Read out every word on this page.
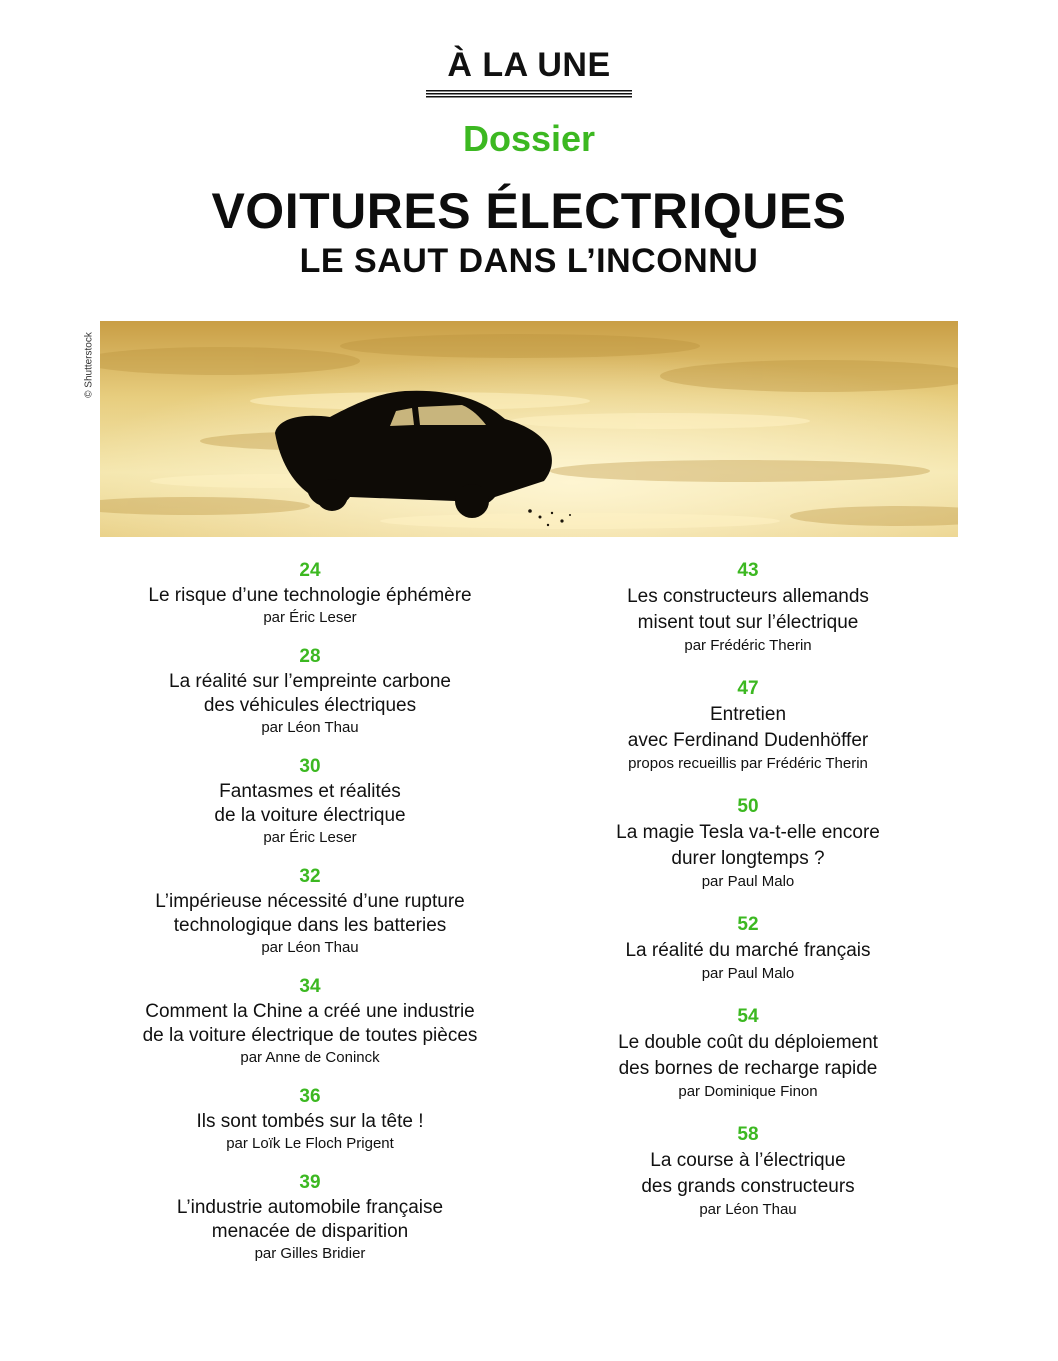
À LA UNE
Dossier
VOITURES ÉLECTRIQUES
LE SAUT DANS L’INCONNU
© Shutterstock
24
Le risque d’une technologie éphémère
par Éric Leser
28
La réalité sur l’empreinte carbone
des véhicules électriques
par Léon Thau
30
Fantasmes et réalités
de la voiture électrique
par Éric Leser
32
L’impérieuse nécessité d’une rupture
technologique dans les batteries
par Léon Thau
34
Comment la Chine a créé une industrie
de la voiture électrique de toutes pièces
par Anne de Coninck
36
Ils sont tombés sur la tête !
par Loïk Le Floch Prigent
39
L’industrie automobile française
menacée de disparition
par Gilles Bridier
43
Les constructeurs allemands
misent tout sur l’électrique
par Frédéric Therin
47
Entretien
avec Ferdinand Dudenhöffer
propos recueillis par Frédéric Therin
50
La magie Tesla va-t-elle encore
durer longtemps ?
par Paul Malo
52
La réalité du marché français
par Paul Malo
54
Le double coût du déploiement
des bornes de recharge rapide
par Dominique Finon
58
La course à l’électrique
des grands constructeurs
par Léon Thau
